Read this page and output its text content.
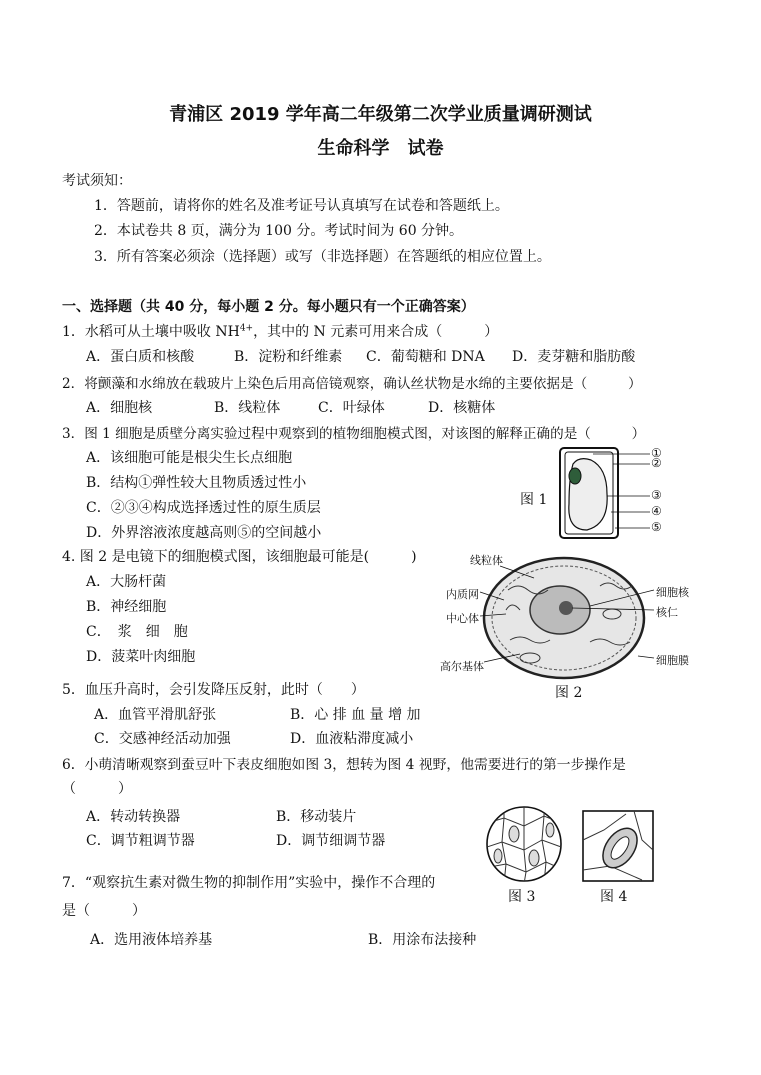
青浦区 2019 学年高二年级第二次学业质量调研测试
生命科学　试卷
考试须知：
1．答题前，请将你的姓名及准考证号认真填写在试卷和答题纸上。
2．本试卷共 8 页，满分为 100 分。考试时间为 60 分钟。
3．所有答案必须涂（选择题）或写（非选择题）在答题纸的相应位置上。
一、选择题（共 40 分，每小题 2 分。每小题只有一个正确答案）
1．水稻可从土壤中吸收 $NH^{4+}$，其中的 N 元素可用来合成（　　　）
A．蛋白质和核酸	B．淀粉和纤维素 C．葡萄糖和 DNA D．麦芽糖和脂肪酸
2．将颤藻和水绵放在载玻片上染色后用高倍镜观察，确认丝状物是水绵的主要依据是（　　　）
A．细胞核	B．线粒体	C．叶绿体	D．核糖体
3．图 1 细胞是质壁分离实验过程中观察到的植物细胞模式图，对该图的解释正确的是（　　　）
A．该细胞可能是根尖生长点细胞
B．结构①弹性较大且物质透过性小
C．②③④构成选择透过性的原生质层
D．外界溶液浓度越高则⑤的空间越小
①
②
③
④
⑤
图 1
4. 图 2 是电镜下的细胞模式图，该细胞最可能是(　　　)
A．大肠杆菌
B．神经细胞
C．　浆　细　胞
D．菠菜叶肉细胞
线粒体
内质网
中心体
高尔基体
细胞核
核仁
细胞膜
图 2
5．血压升高时，会引发降压反射，此时（　　）
A．血管平滑肌舒张	B．心 排 血 量 增 加
C．交感神经活动加强	D．血液粘滞度减小
6．小萌清晰观察到蚕豆叶下表皮细胞如图 3，想转为图 4 视野，他需要进行的第一步操作是
（　　　）
A．转动转换器	B．移动装片
C．调节粗调节器	D．调节细调节器
图 3	图 4
7．“观察抗生素对微生物的抑制作用”实验中，操作不合理的
是（　　　）
A．选用液体培养基	B．用涂布法接种
